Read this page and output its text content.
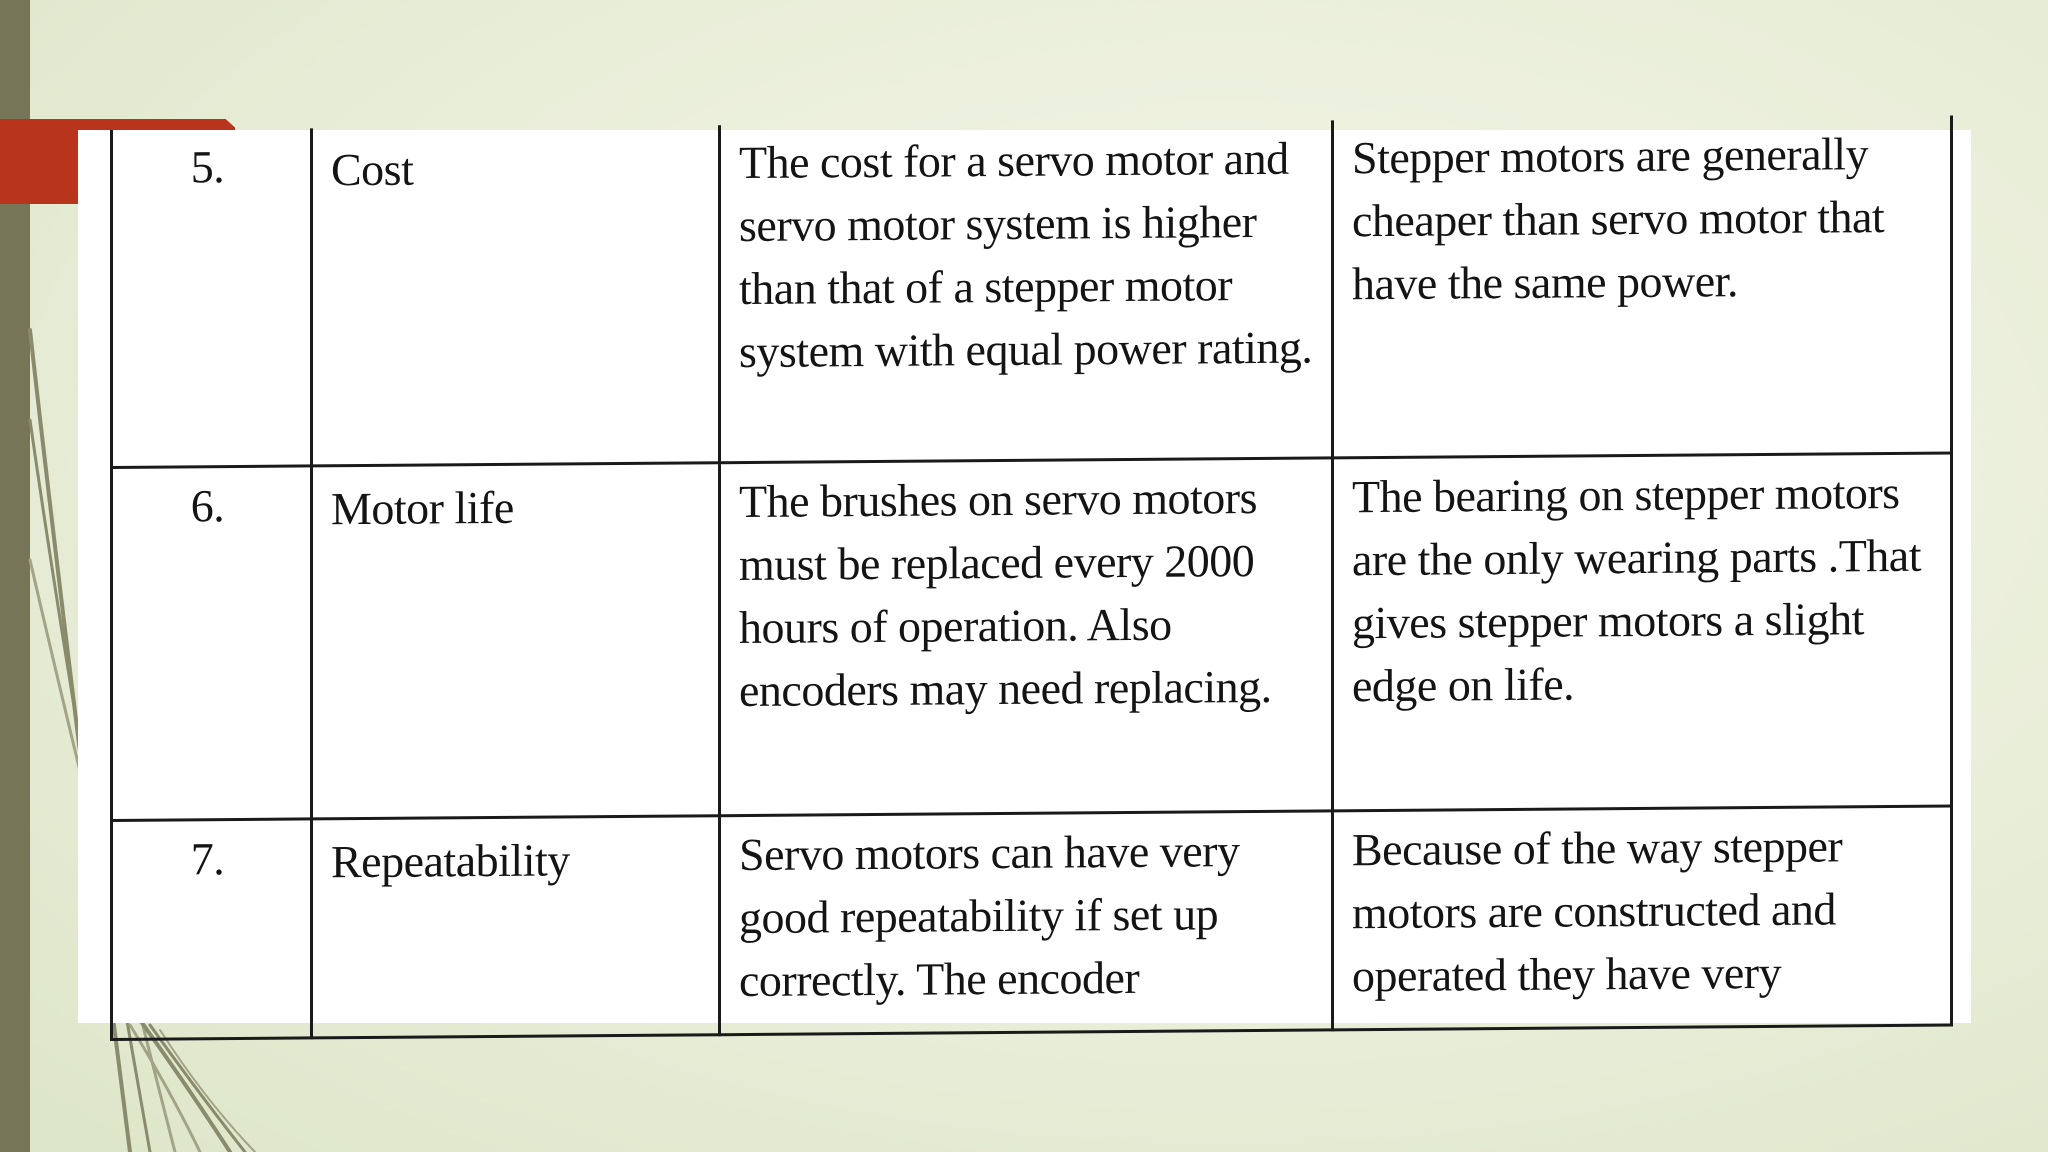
5.	Cost	The cost for a servo motor and servo motor system is higher than that of a stepper motor system with equal power rating.	Stepper motors are generally cheaper than servo motor that have the same power.
6.	Motor life	The brushes on servo motors must be replaced every 2000 hours of operation. Also encoders may need replacing.	The bearing on stepper motors are the only wearing parts .That gives stepper motors a slight edge on life.
7.	Repeatability	Servo motors can have very good repeatability if set up correctly. The encoder	Because of the way stepper motors are constructed and operated they have very
